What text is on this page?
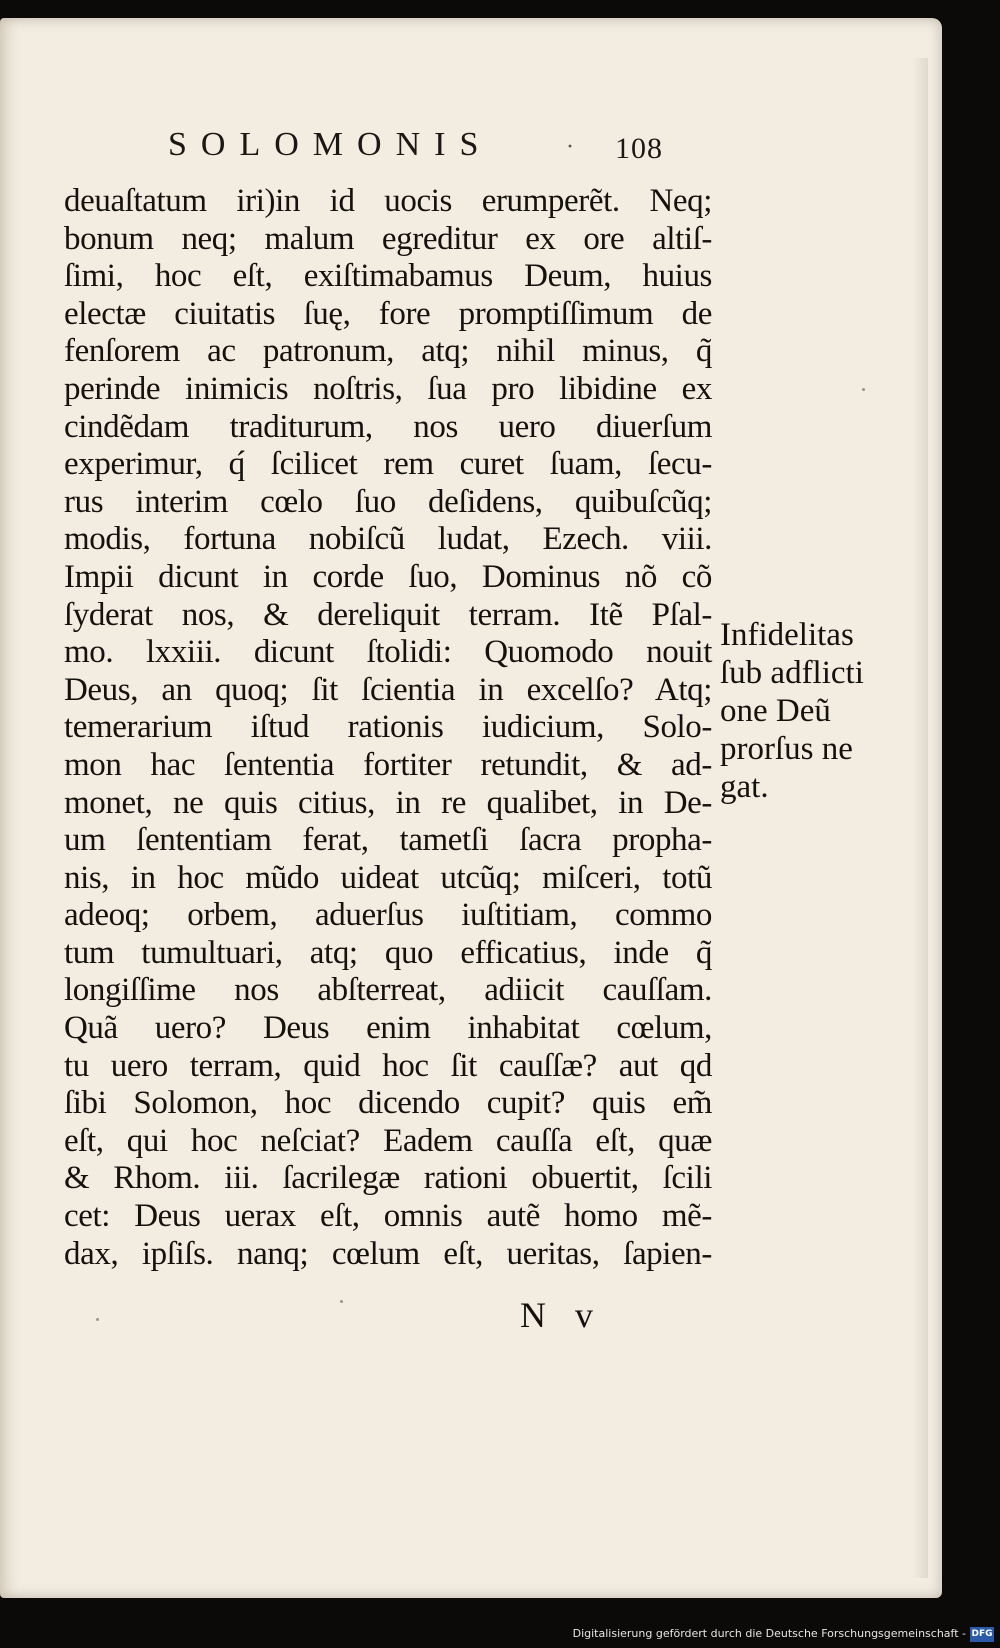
SOLOMONIS	· 108
deuaſtatum iri)in id uocis erumperẽt. Neq;
bonum neq; malum egreditur ex ore altiſ-
ſimi, hoc eſt, exiſtimabamus Deum, huius
electæ ciuitatis ſuę, fore promptiſſimum de
fenſorem ac patronum, atq; nihil minus, q̃
perinde inimicis noſtris, ſua pro libidine ex
cindẽdam traditurum, nos uero diuerſum
experimur, q́ ſcilicet rem curet ſuam, ſecu-
rus interim cœlo ſuo deſidens, quibuſcũq;
modis, fortuna nobiſcũ ludat, Ezech. viii.
Impii dicunt in corde ſuo, Dominus nõ cõ
ſyderat nos, & dereliquit terram. Itẽ Pſal-
mo. lxxiii. dicunt ſtolidi: Quomodo nouit
Deus, an quoq; ſit ſcientia in excelſo? Atq;
temerarium iſtud rationis iudicium, Solo-
mon hac ſententia fortiter retundit, & ad-
monet, ne quis citius, in re qualibet, in De-
um ſententiam ferat, tametſi ſacra propha-
nis, in hoc mũdo uideat utcũq; miſceri, totũ
adeoq; orbem, aduerſus iuſtitiam, commo
tum tumultuari, atq; quo efficatius, inde q̃
longiſſime nos abſterreat, adiicit cauſſam.
Quã uero? Deus enim inhabitat cœlum,
tu uero terram, quid hoc ſit cauſſæ? aut qd
ſibi Solomon, hoc dicendo cupit? quis em̃
eſt, qui hoc neſciat? Eadem cauſſa eſt, quæ
& Rhom. iii. ſacrilegæ rationi obuertit, ſcili
cet: Deus uerax eſt, omnis autẽ homo mẽ-
dax, ipſiſs. nanq; cœlum eſt, ueritas, ſapien-
Infidelitas
ſub adflicti
one Deũ
prorſus ne
gat.
N v
Digitalisierung gefördert durch die Deutsche Forschungsgemeinschaft - DFG
